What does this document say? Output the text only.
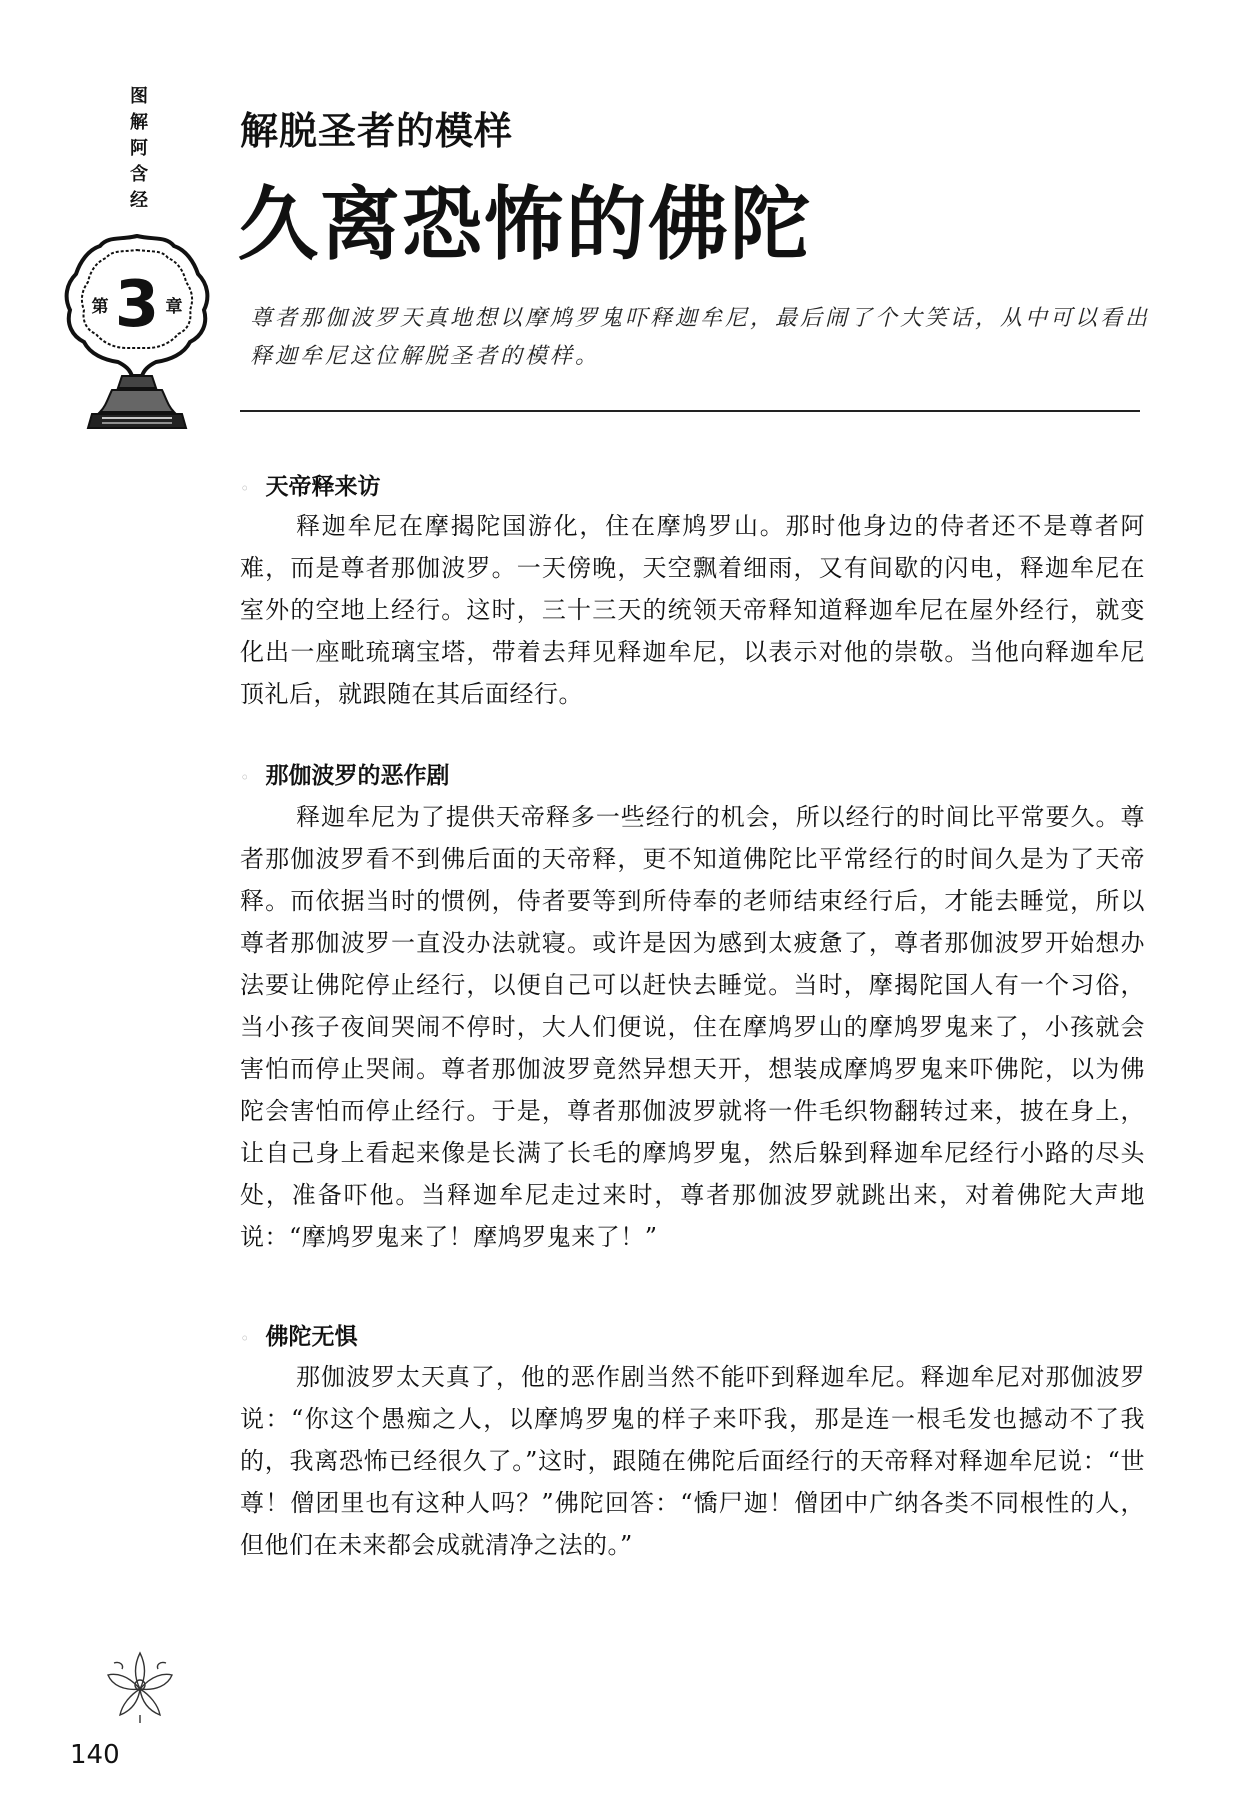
图解阿含经
第 3 章
解脱圣者的模样
久离恐怖的佛陀
尊者那伽波罗天真地想以摩鸠罗鬼吓释迦牟尼，最后闹了个大笑话，从中可以看出释迦牟尼这位解脱圣者的模样。
◦ 天帝释来访
释迦牟尼在摩揭陀国游化，住在摩鸠罗山。那时他身边的侍者还不是尊者阿难，而是尊者那伽波罗。一天傍晚，天空飘着细雨，又有间歇的闪电，释迦牟尼在室外的空地上经行。这时，三十三天的统领天帝释知道释迦牟尼在屋外经行，就变化出一座毗琉璃宝塔，带着去拜见释迦牟尼，以表示对他的崇敬。当他向释迦牟尼顶礼后，就跟随在其后面经行。
◦ 那伽波罗的恶作剧
释迦牟尼为了提供天帝释多一些经行的机会，所以经行的时间比平常要久。尊者那伽波罗看不到佛后面的天帝释，更不知道佛陀比平常经行的时间久是为了天帝释。而依据当时的惯例，侍者要等到所侍奉的老师结束经行后，才能去睡觉，所以尊者那伽波罗一直没办法就寝。或许是因为感到太疲惫了，尊者那伽波罗开始想办法要让佛陀停止经行，以便自己可以赶快去睡觉。当时，摩揭陀国人有一个习俗，当小孩子夜间哭闹不停时，大人们便说，住在摩鸠罗山的摩鸠罗鬼来了，小孩就会害怕而停止哭闹。尊者那伽波罗竟然异想天开，想装成摩鸠罗鬼来吓佛陀，以为佛陀会害怕而停止经行。于是，尊者那伽波罗就将一件毛织物翻转过来，披在身上，让自己身上看起来像是长满了长毛的摩鸠罗鬼，然后躲到释迦牟尼经行小路的尽头处，准备吓他。当释迦牟尼走过来时，尊者那伽波罗就跳出来，对着佛陀大声地说：“摩鸠罗鬼来了！摩鸠罗鬼来了！”
◦ 佛陀无惧
那伽波罗太天真了，他的恶作剧当然不能吓到释迦牟尼。释迦牟尼对那伽波罗说：“你这个愚痴之人，以摩鸠罗鬼的样子来吓我，那是连一根毛发也撼动不了我的，我离恐怖已经很久了。”这时，跟随在佛陀后面经行的天帝释对释迦牟尼说：“世尊！僧团里也有这种人吗？”佛陀回答：“憍尸迦！僧团中广纳各类不同根性的人，但他们在未来都会成就清净之法的。”
140
